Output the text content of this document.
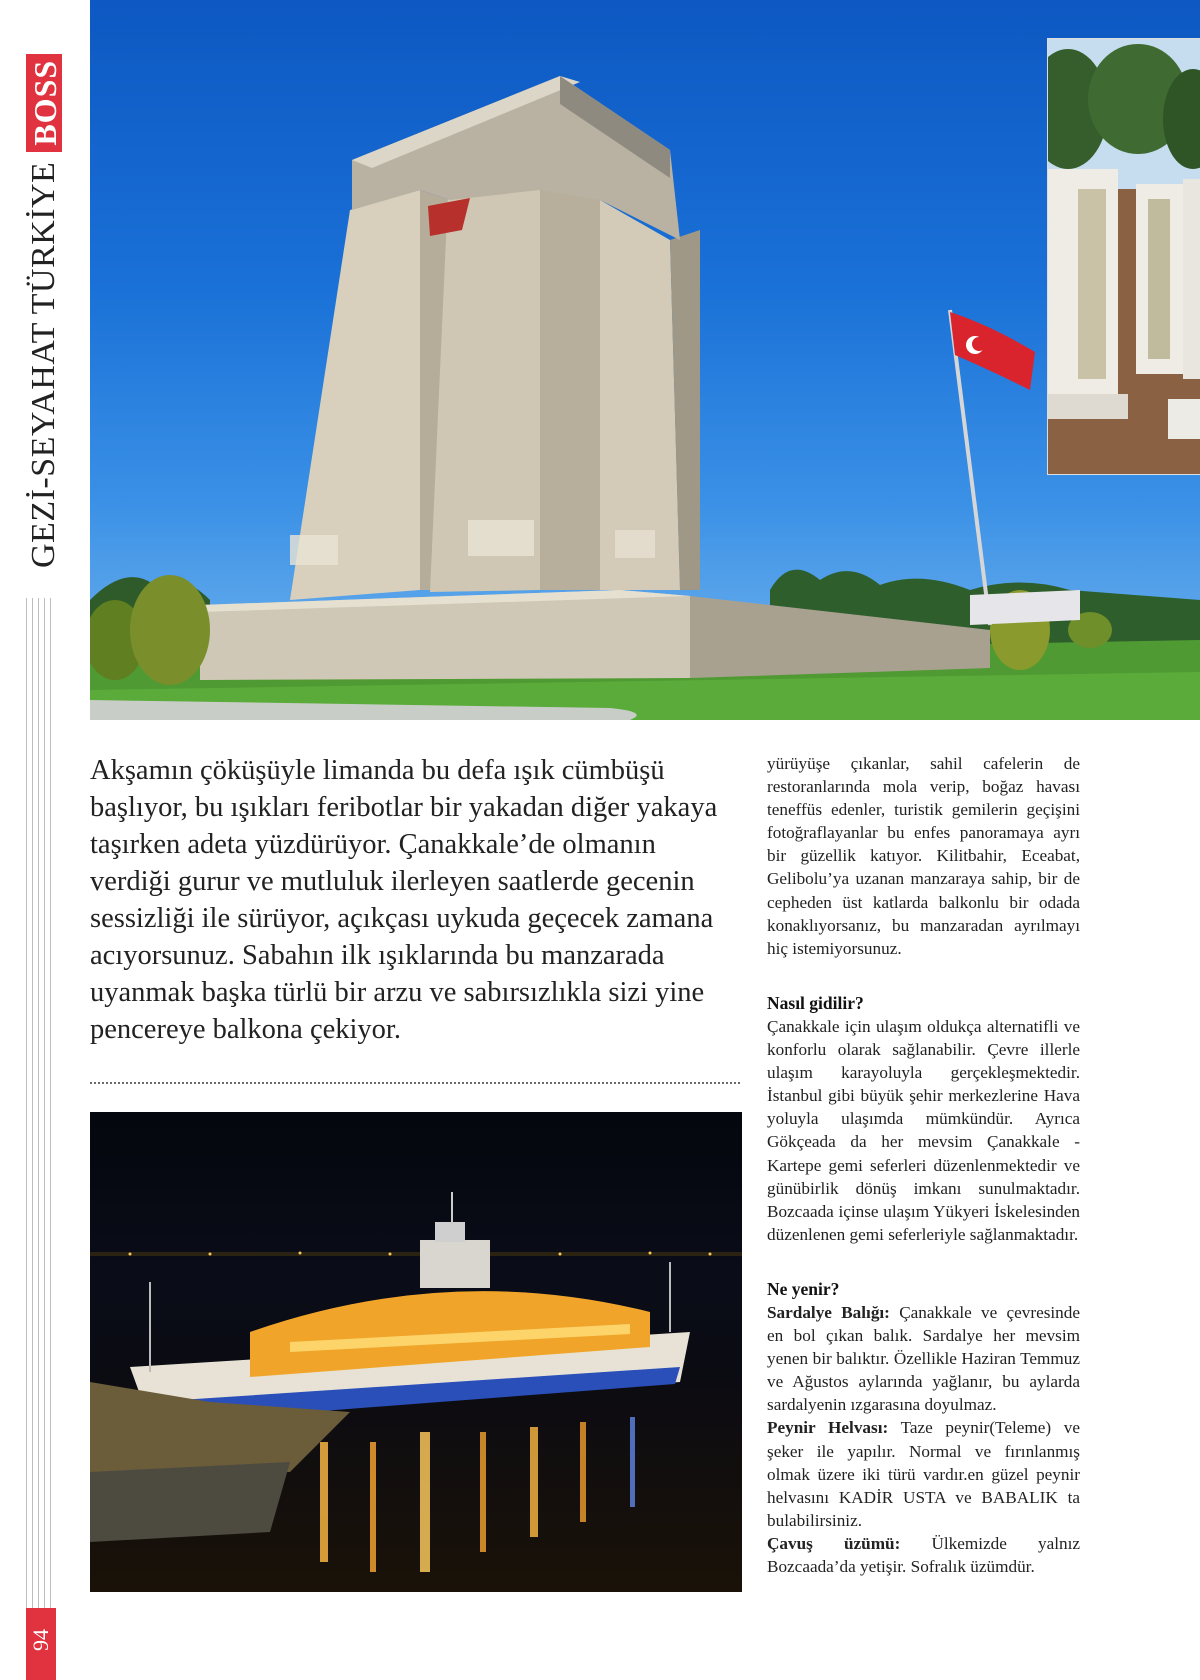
GEZİ-SEYAHAT TÜRKİYE
BOSS
94
Akşamın çöküşüyle limanda bu defa ışık cümbüşü başlıyor, bu ışıkları feribotlar bir yakadan diğer yakaya taşırken adeta yüzdürüyor. Çanakkale’de olmanın verdiği gurur ve mutluluk ilerleyen saatlerde gecenin sessizliği ile sürüyor, açıkçası uykuda geçecek zamana acıyorsunuz. Sabahın ilk ışıklarında bu manzarada uyanmak başka türlü bir arzu ve sabırsızlıkla sizi yine pencereye balkona çekiyor.

yürüyüşe çıkanlar, sahil cafelerin de restoranlarında mola verip, boğaz havası teneffüs edenler, turistik gemilerin geçişini fotoğraflayanlar bu enfes panoramaya ayrı bir güzellik katıyor. Kilitbahir, Eceabat, Gelibolu’ya uzanan manzaraya sahip, bir de cepheden üst katlarda balkonlu bir odada konaklıyorsanız, bu manzaradan ayrılmayı hiç istemiyorsunuz.

Nasıl gidilir?

Çanakkale için ulaşım oldukça alternatifli ve konforlu olarak sağlanabilir. Çevre illerle ulaşım karayoluyla gerçekleşmektedir. İstanbul gibi büyük şehir merkezlerine Hava yoluyla ulaşımda mümkündür. Ayrıca Gökçeada da her mevsim Çanakkale - Kartepe gemi seferleri düzenlenmektedir ve günübirlik dönüş imkanı sunulmaktadır. Bozcaada içinse ulaşım Yükyeri İskelesinden düzenlenen gemi seferleriyle sağlanmaktadır.

Ne yenir?

Sardalye Balığı: Çanakkale ve çevresinde en bol çıkan balık. Sardalye her mevsim yenen bir balıktır. Özellikle Haziran Temmuz ve Ağustos aylarında yağlanır, bu aylarda sardalyenin ızgarasına doyulmaz.

Peynir Helvası: Taze peynir(Teleme) ve şeker ile yapılır. Normal ve fırınlanmış olmak üzere iki türü vardır.en güzel peynir helvasını KADİR USTA ve BABALIK ta bulabilirsiniz.

Çavuş üzümü: Ülkemizde yalnız Bozcaada’da yetişir. Sofralık üzümdür.
